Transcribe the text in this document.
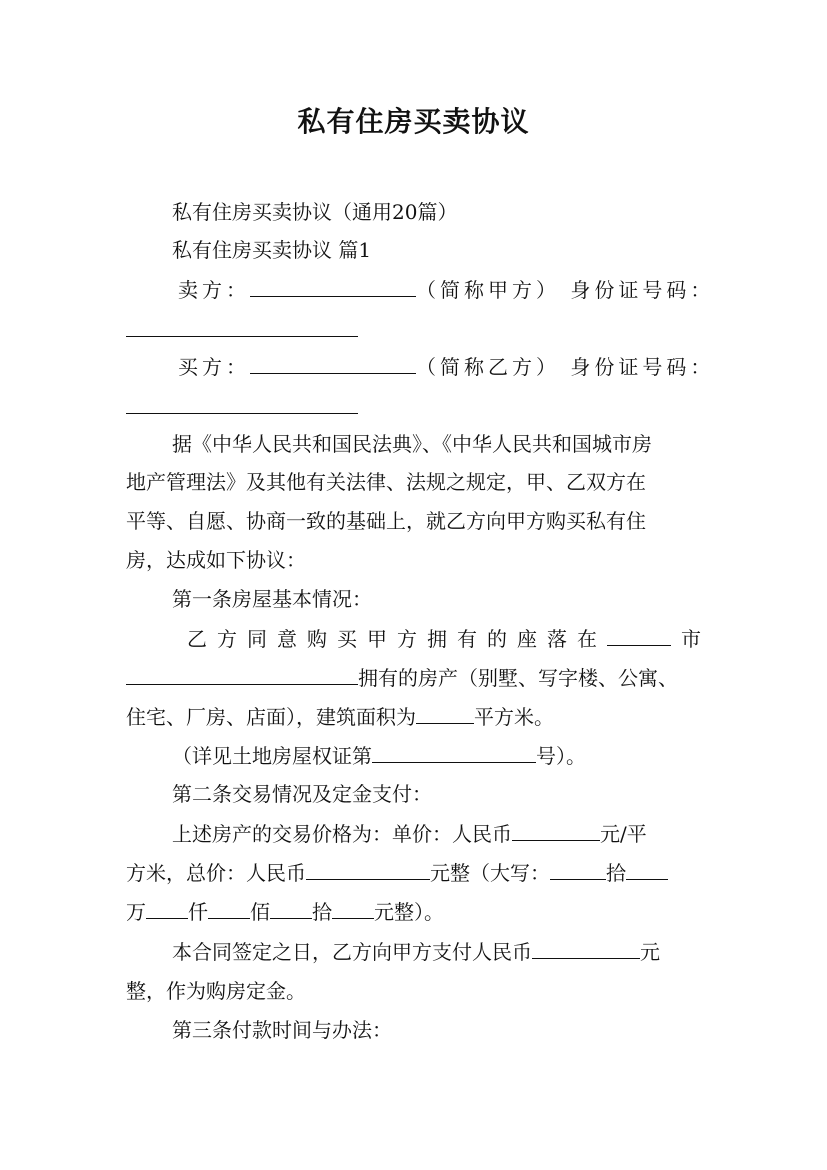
私有住房买卖协议
私有住房买卖协议（通用20篇）
私有住房买卖协议 篇1
卖方：	（简称甲方） 身份证号码：
买方：	（简称乙方） 身份证号码：
据《中华人民共和国民法典》、《中华人民共和国城市房
地产管理法》及其他有关法律、法规之规定，甲、乙双方在
平等、自愿、协商一致的基础上，就乙方向甲方购买私有住
房，达成如下协议：
第一条房屋基本情况：
乙方同意购买甲方拥有的座落在	市
拥有的房产（别墅、写字楼、公寓、
住宅、厂房、店面），建筑面积为	平方米。
（详见土地房屋权证第	号）。
第二条交易情况及定金支付：
上述房产的交易价格为：单价：人民币	元/平
方米，总价：人民币	元整（大写：	拾
万 仟 佰 拾 元整）。
本合同签定之日，乙方向甲方支付人民币	元
整，作为购房定金。
第三条付款时间与办法：
